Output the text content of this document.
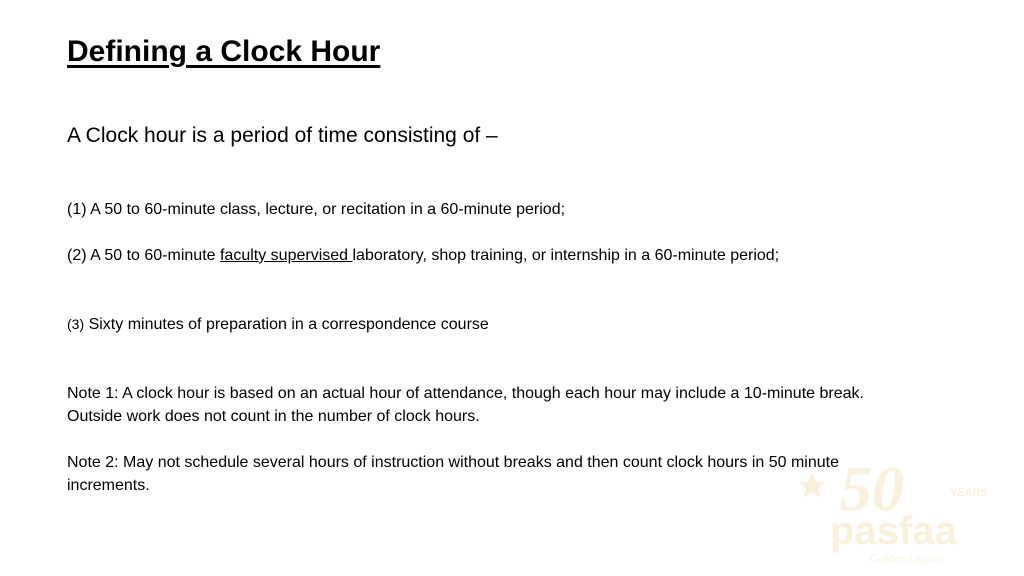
Defining a Clock Hour

A Clock hour is a period of time consisting of –

(1) A 50 to 60-minute class, lecture, or recitation in a 60-minute period;

(2) A 50 to 60-minute faculty supervised laboratory, shop training, or internship in a 60-minute period;

(3) Sixty minutes of preparation in a correspondence course

Note 1: A clock hour is based on an actual hour of attendance, though each hour may include a 10-minute break. Outside work does not count in the number of clock hours.

Note 2: May not schedule several hours of instruction without breaks and then count clock hours in 50 minute increments.	50	YEARS
pasfaa
Golden Legacy
